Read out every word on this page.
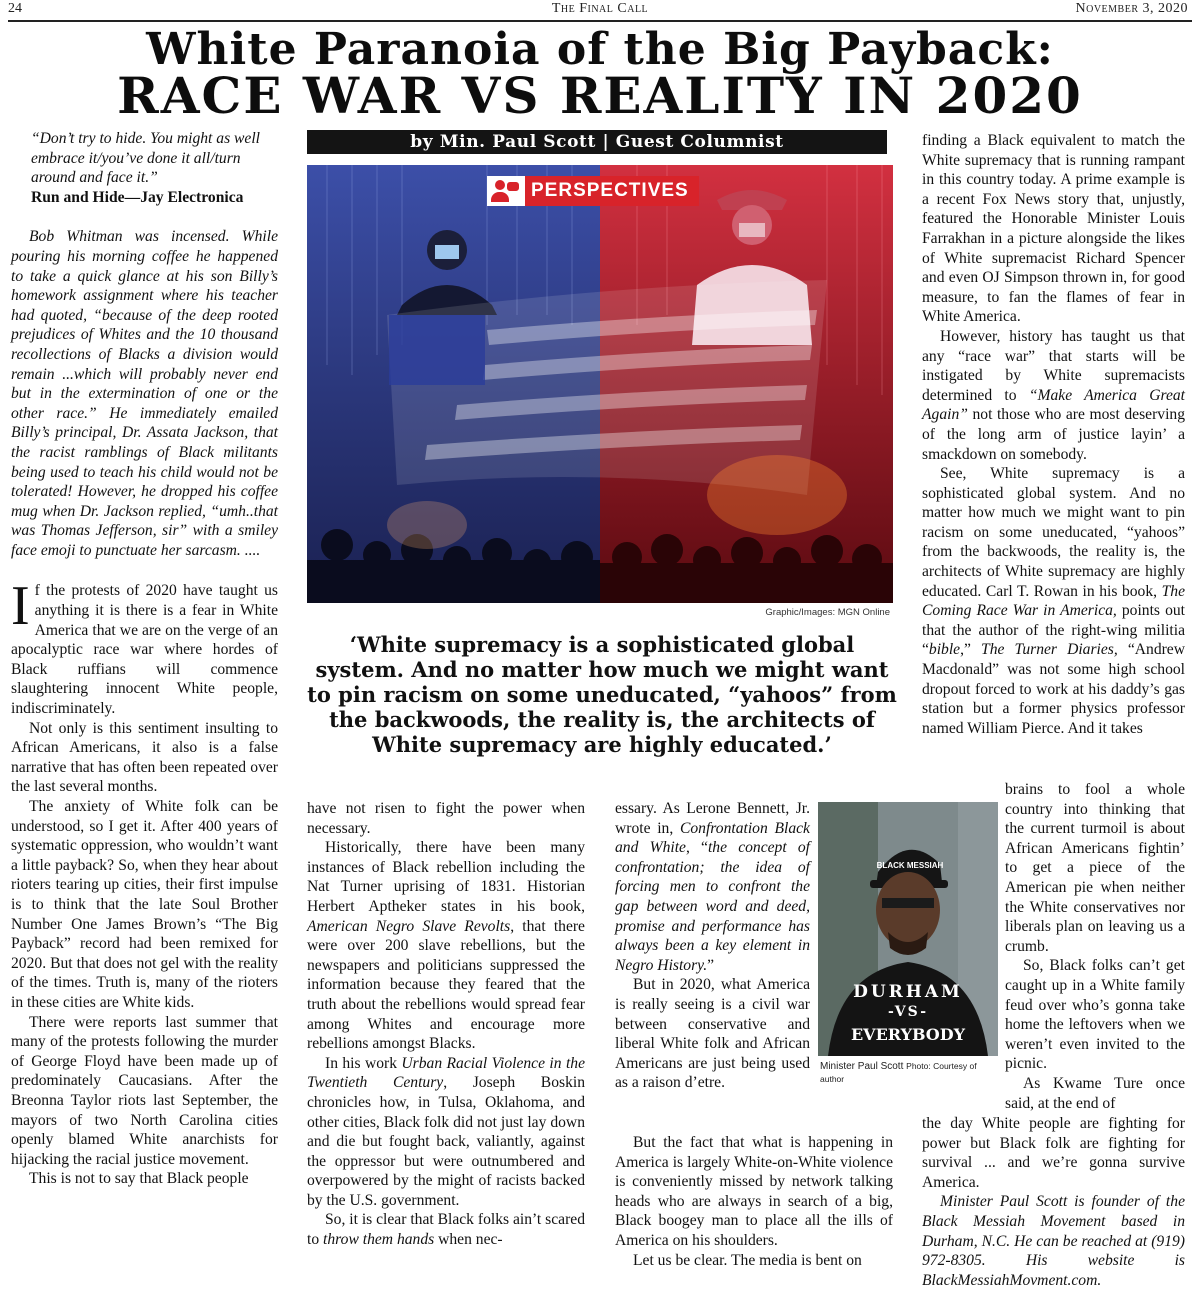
24	The Final Call	November 3, 2020
White Paranoia of the Big Payback:
RACE WAR VS REALITY IN 2020

“Don’t try to hide. You might as well embrace it/you’ve done it all/turn around and face it.”

Run and Hide—Jay Electronica

Bob Whitman was incensed. While pouring his morning coffee he happened to take a quick glance at his son Billy’s homework assignment where his teacher had quoted, “because of the deep rooted prejudices of Whites and the 10 thousand recollections of Blacks a division would remain ...which will probably never end but in the extermination of one or the other race.” He immediately emailed Billy’s principal, Dr. Assata Jackson, that the racist ramblings of Black militants being used to teach his child would not be tolerated! However, he dropped his coffee mug when Dr. Jackson replied, “umh..that was Thomas Jefferson, sir” with a smiley face emoji to punctuate her sarcasm. ....

If the protests of 2020 have taught us anything it is there is a fear in White America that we are on the verge of an apocalyptic race war where hordes of Black ruffians will commence slaughtering innocent White people, indiscriminately.

Not only is this sentiment insulting to African Americans, it also is a false narrative that has often been repeated over the last several months.

The anxiety of White folk can be understood, so I get it. After 400 years of systematic oppression, who wouldn’t want a little payback? So, when they hear about rioters tearing up cities, their first impulse is to think that the late Soul Brother Number One James Brown’s “The Big Payback” record had been remixed for 2020. But that does not gel with the reality of the times. Truth is, many of the rioters in these cities are White kids.

There were reports last summer that many of the protests following the murder of George Floyd have been made up of predominately Caucasians. After the Breonna Taylor riots last September, the mayors of two North Carolina cities openly blamed White anarchists for hijacking the racial justice movement.

This is not to say that Black people

by Min. Paul Scott | Guest Columnist
PERSPECTIVES
Graphic/Images: MGN Online
‘White supremacy is a sophisticated global system. And no matter how much we might want to pin racism on some uneducated, “yahoos” from the backwoods, the reality is, the architects of White supremacy are highly educated.’

have not risen to fight the power when necessary.

Historically, there have been many instances of Black rebellion including the Nat Turner uprising of 1831. Historian Herbert Aptheker states in his book, American Negro Slave Revolts, that there were over 200 slave rebellions, but the newspapers and politicians suppressed the information because they feared that the truth about the rebellions would spread fear among Whites and encourage more rebellions amongst Blacks.

In his work Urban Racial Violence in the Twentieth Century, Joseph Boskin chronicles how, in Tulsa, Oklahoma, and other cities, Black folk did not just lay down and die but fought back, valiantly, against the oppressor but were outnumbered and overpowered by the might of racists backed by the U.S. government.

So, it is clear that Black folks ain’t scared to throw them hands when nec-

essary. As Lerone Bennett, Jr. wrote in, Confrontation Black and White, “the concept of confrontation; the idea of forcing men to confront the gap between word and deed, promise and performance has always been a key element in Negro History.”

But in 2020, what America is really seeing is a civil war between conservative and liberal White folk and African Americans are just being used as a raison d’etre.

But the fact that what is happening in America is largely White-on-White violence is conveniently missed by network talking heads who are always in search of a big, Black boogey man to place all the ills of America on his shoulders.

Let us be clear. The media is bent on

BLACK MESSIAH
DURHAM
-VS-
EVERYBODY
Minister Paul Scott Photo: Courtesy of author

finding a Black equivalent to match the White supremacy that is running rampant in this country today. A prime example is a recent Fox News story that, unjustly, featured the Honorable Minister Louis Farrakhan in a picture alongside the likes of White supremacist Richard Spencer and even OJ Simpson thrown in, for good measure, to fan the flames of fear in White America.

However, history has taught us that any “race war” that starts will be instigated by White supremacists determined to “Make America Great Again” not those who are most deserving of the long arm of justice layin’ a smackdown on somebody.

See, White supremacy is a sophisticated global system. And no matter how much we might want to pin racism on some uneducated, “yahoos” from the backwoods, the reality is, the architects of White supremacy are highly educated. Carl T. Rowan in his book, The Coming Race War in America, points out that the author of the right-wing militia “bible,” The Turner Diaries, “Andrew Macdonald” was not some high school dropout forced to work at his daddy’s gas station but a former physics professor named William Pierce. And it takes

brains to fool a whole country into thinking that the current turmoil is about African Americans fightin’ to get a piece of the American pie when neither the White conservatives nor liberals plan on leaving us a crumb.

So, Black folks can’t get caught up in a White family feud over who’s gonna take home the leftovers when we weren’t even invited to the picnic.

As Kwame Ture once said, at the end of

the day White people are fighting for power but Black folk are fighting for survival ... and we’re gonna survive America.

Minister Paul Scott is founder of the Black Messiah Movement based in Durham, N.C. He can be reached at (919) 972-8305. His website is BlackMessiahMovment.com.
